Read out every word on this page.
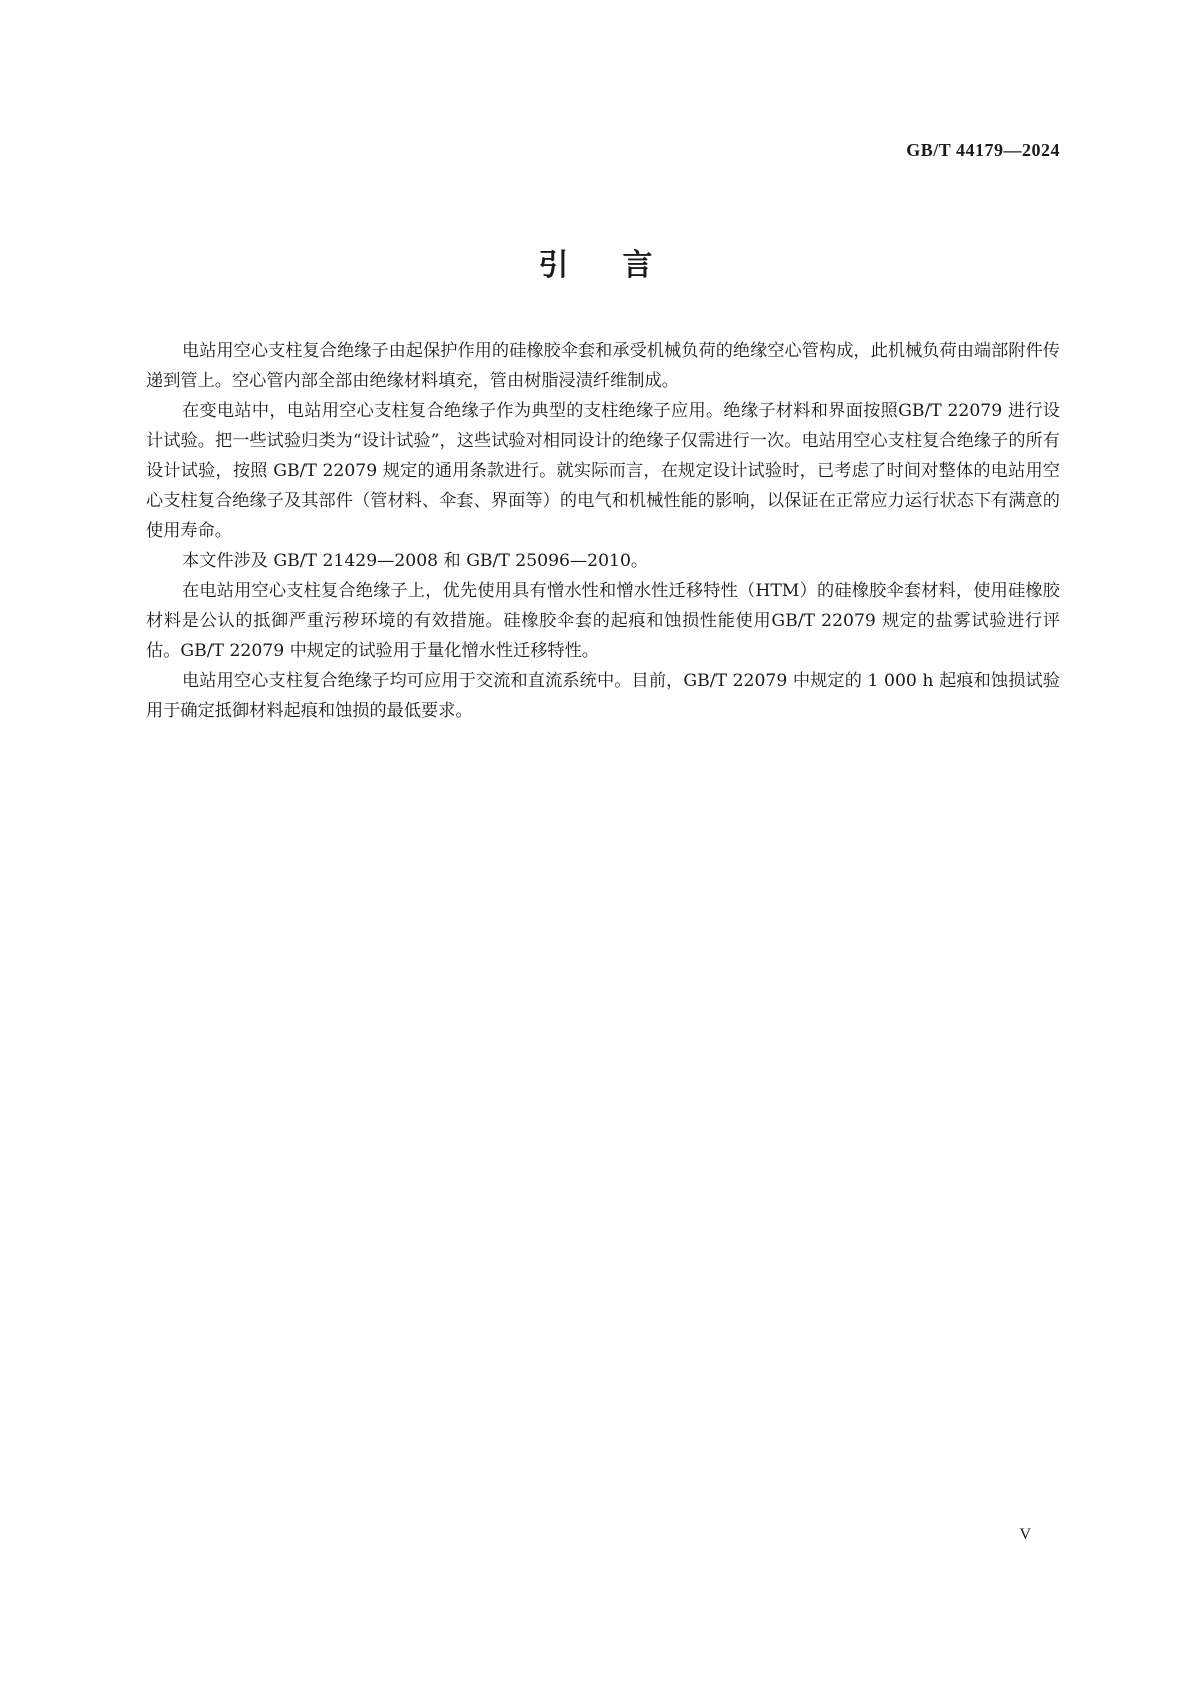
GB/T 44179—2024
引言

电站用空心支柱复合绝缘子由起保护作用的硅橡胶伞套和承受机械负荷的绝缘空心管构成，此机械负荷由端部附件传递到管上。空心管内部全部由绝缘材料填充，管由树脂浸渍纤维制成。

在变电站中，电站用空心支柱复合绝缘子作为典型的支柱绝缘子应用。绝缘子材料和界面按照GB/T 22079 进行设计试验。把一些试验归类为“设计试验”，这些试验对相同设计的绝缘子仅需进行一次。电站用空心支柱复合绝缘子的所有设计试验，按照 GB/T 22079 规定的通用条款进行。就实际而言，在规定设计试验时，已考虑了时间对整体的电站用空心支柱复合绝缘子及其部件（管材料、伞套、界面等）的电气和机械性能的影响，以保证在正常应力运行状态下有满意的使用寿命。

本文件涉及 GB/T 21429—2008 和 GB/T 25096—2010。

在电站用空心支柱复合绝缘子上，优先使用具有憎水性和憎水性迁移特性（HTM）的硅橡胶伞套材料，使用硅橡胶材料是公认的抵御严重污秽环境的有效措施。硅橡胶伞套的起痕和蚀损性能使用GB/T 22079 规定的盐雾试验进行评估。GB/T 22079 中规定的试验用于量化憎水性迁移特性。

电站用空心支柱复合绝缘子均可应用于交流和直流系统中。目前，GB/T 22079 中规定的 1 000 h 起痕和蚀损试验用于确定抵御材料起痕和蚀损的最低要求。

V
